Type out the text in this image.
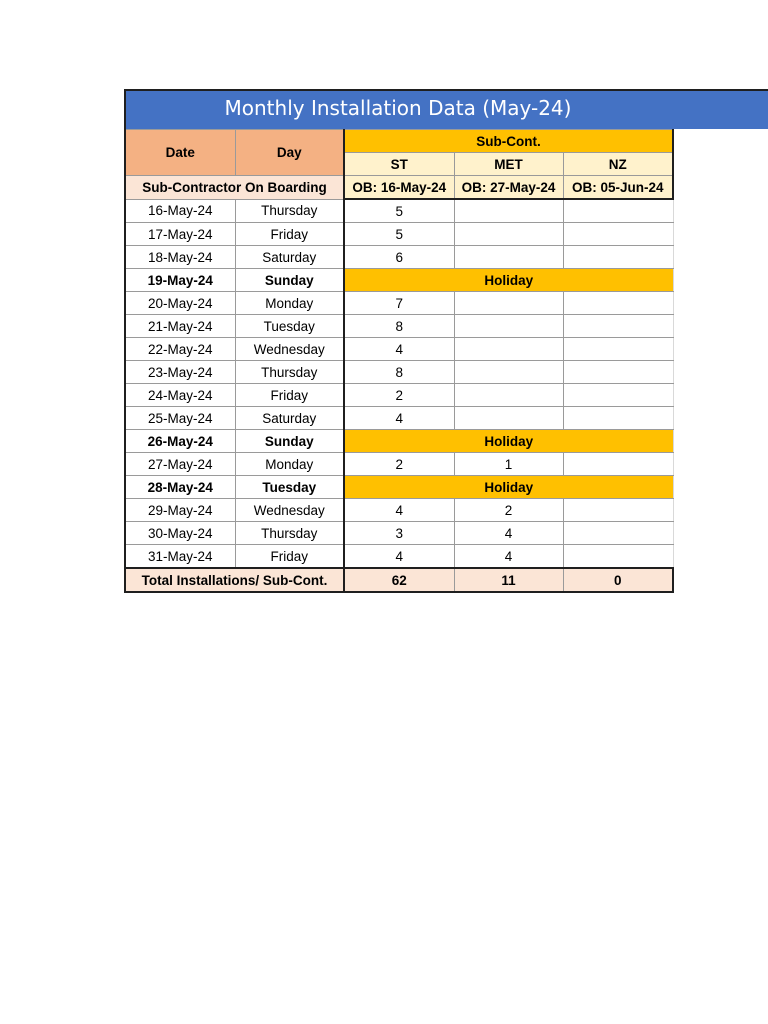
Monthly Installation Data (May-24)
Date	Day	Sub-Cont.		
		ST	MET	NZ
Sub-Contractor On Boarding		OB: 16-May-24	OB: 27-May-24	OB: 05-Jun-24
16-May-24	Thursday	5		
17-May-24	Friday	5		
18-May-24	Saturday	6		
19-May-24	Sunday	Holiday		
20-May-24	Monday	7		
21-May-24	Tuesday	8		
22-May-24	Wednesday	4		
23-May-24	Thursday	8		
24-May-24	Friday	2		
25-May-24	Saturday	4		
26-May-24	Sunday	Holiday		
27-May-24	Monday	2	1	
28-May-24	Tuesday	Holiday		
29-May-24	Wednesday	4	2	
30-May-24	Thursday	3	4	
31-May-24	Friday	4	4	
Total Installations/ Sub-Cont.		62	11	0
